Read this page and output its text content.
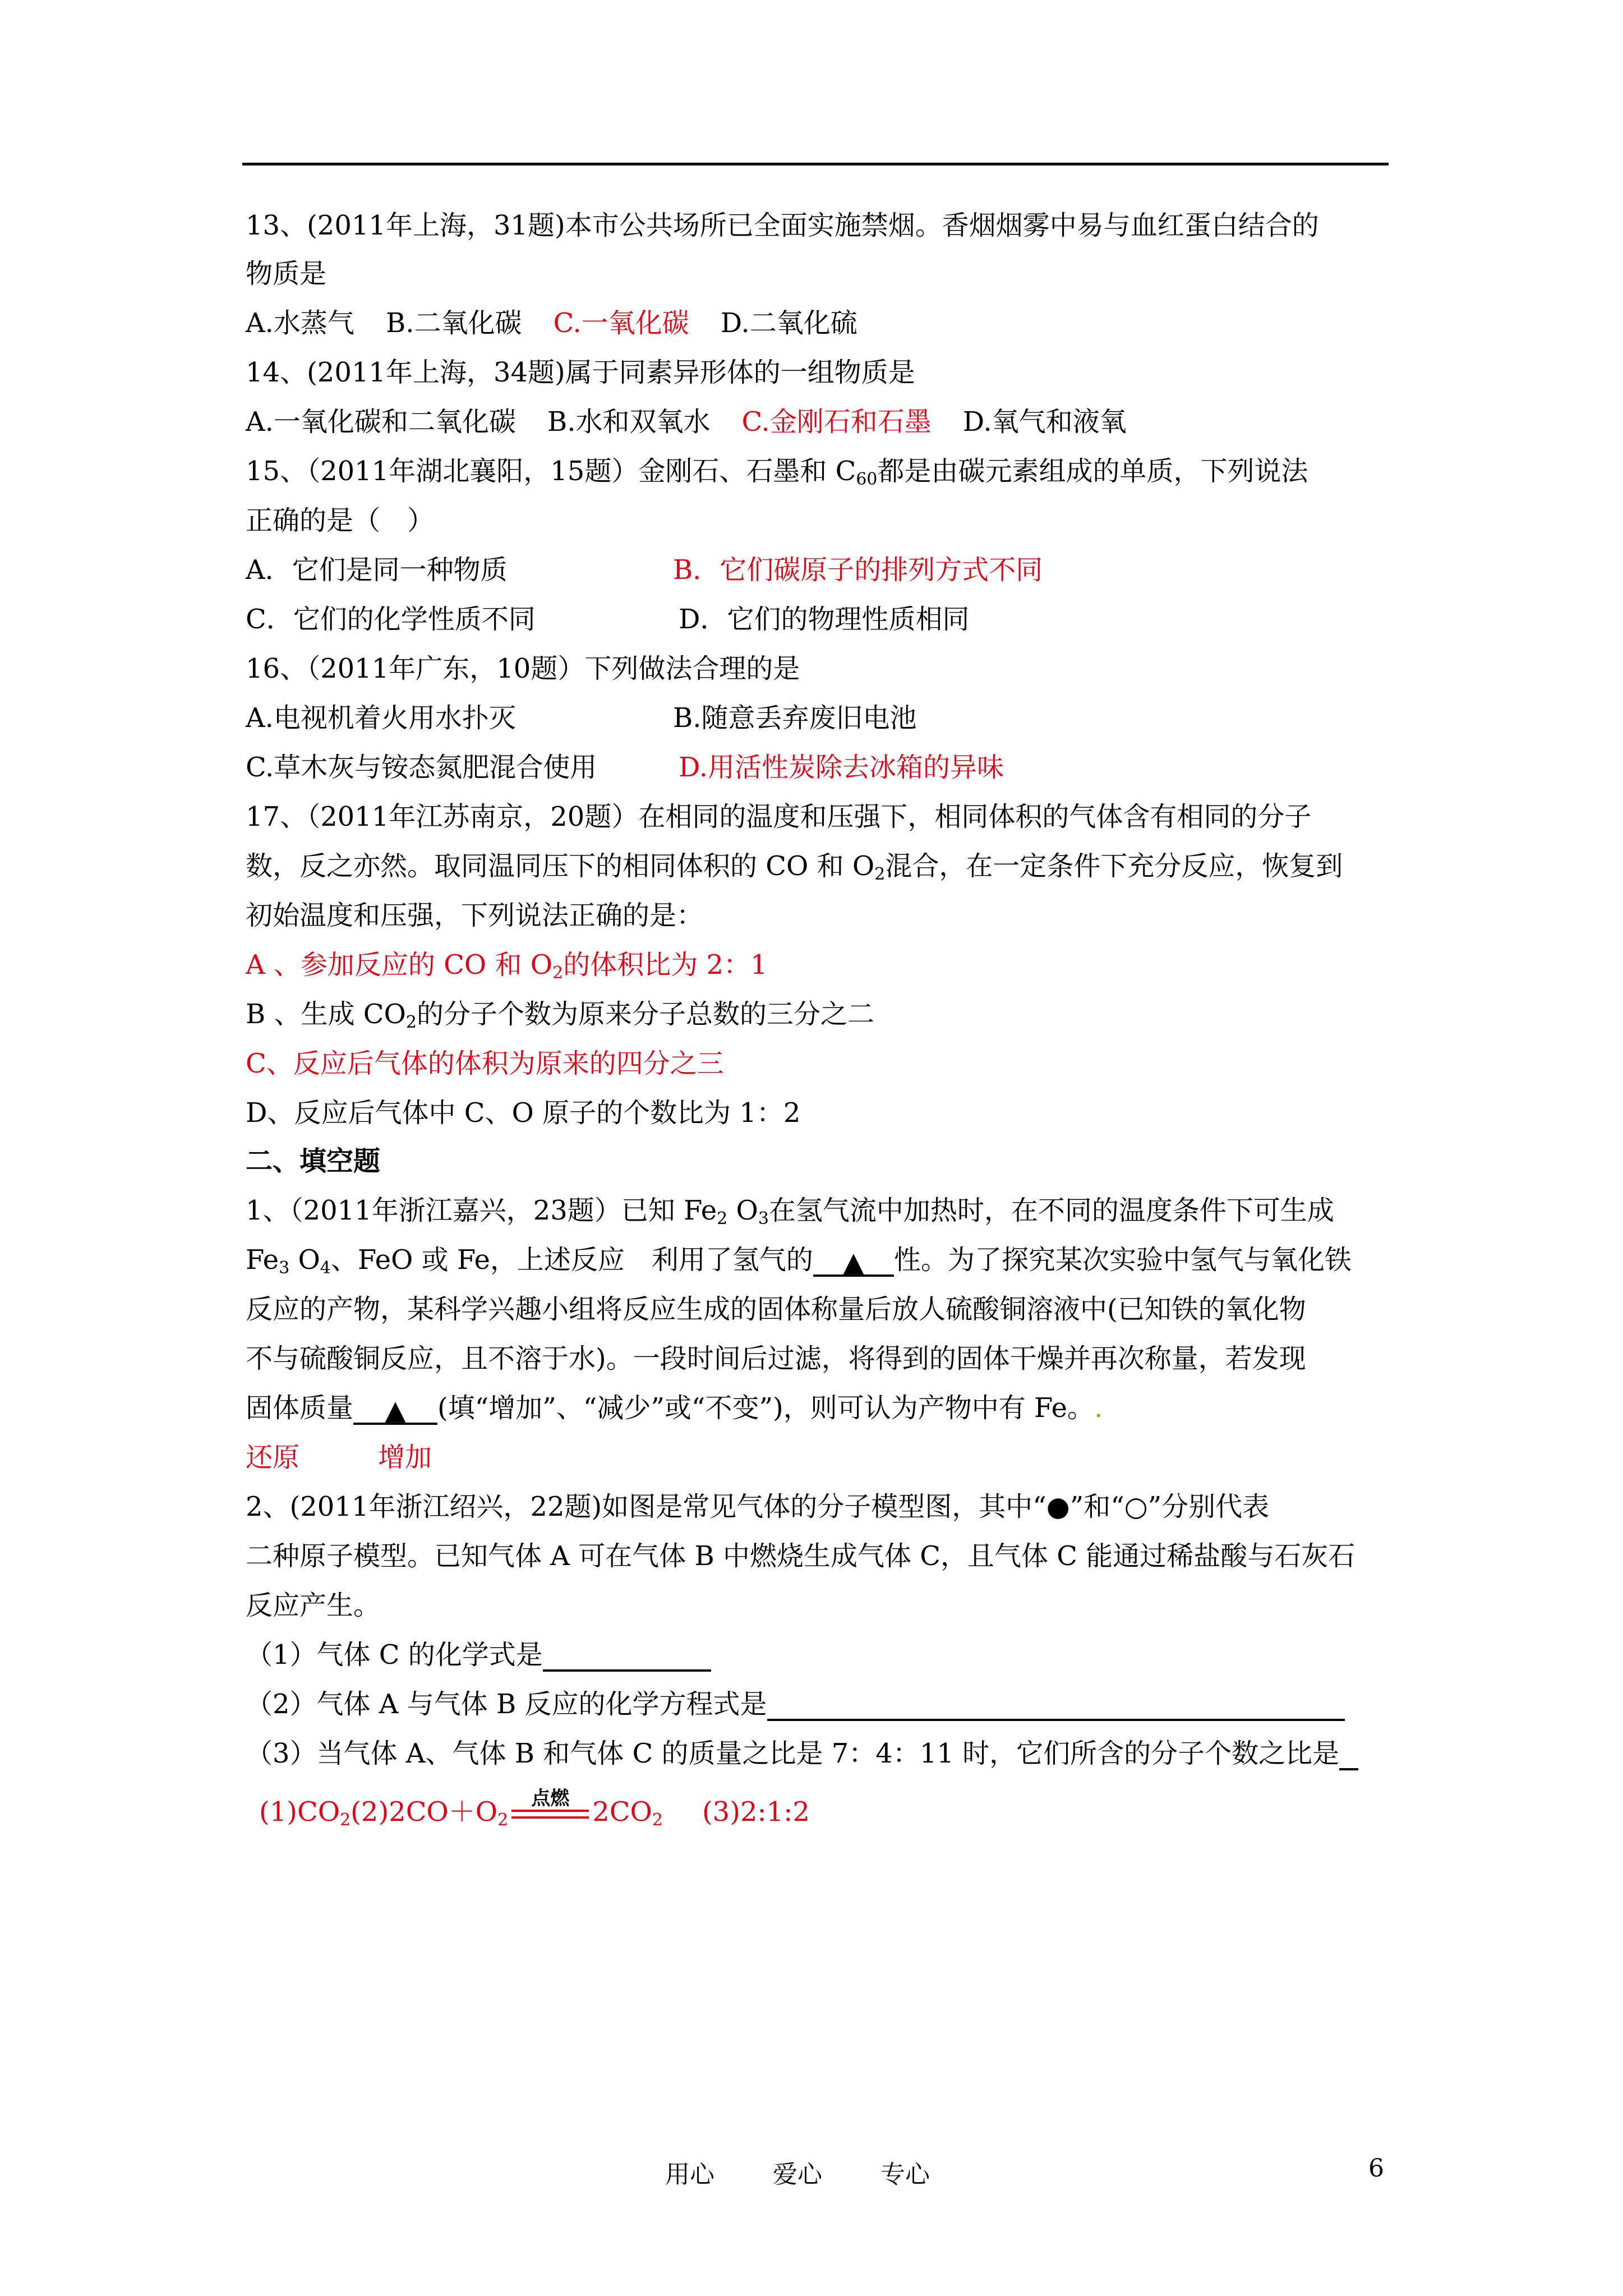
13、(2011年上海，31题)本市公共场所已全面实施禁烟。香烟烟雾中易与血红蛋白结合的
物质是
A.水蒸气 B.二氧化碳 C.一氧化碳 D.二氧化硫
14、(2011年上海，34题)属于同素异形体的一组物质是
A.一氧化碳和二氧化碳 B.水和双氧水 C.金刚石和石墨 D.氧气和液氧
15、（2011年湖北襄阳，15题）金刚石、石墨和 $C_{60}$都是由碳元素组成的单质，下列说法
正确的是（　）
A．它们是同一种物质	B．它们碳原子的排列方式不同
C．它们的化学性质不同	D．它们的物理性质相同
16、（2011年广东，10题）下列做法合理的是
A.电视机着火用水扑灭	B.随意丢弃废旧电池
C.草木灰与铵态氮肥混合使用	D.用活性炭除去冰箱的异味
17、（2011年江苏南京，20题）在相同的温度和压强下，相同体积的气体含有相同的分子
数，反之亦然。取同温同压下的相同体积的 CO 和 $O_2$混合，在一定条件下充分反应，恢复到
初始温度和压强，下列说法正确的是：
A 、参加反应的 CO 和 $O_2$的体积比为 2：1
B 、生成 $CO_2$的分子个数为原来分子总数的三分之二
C、反应后气体的体积为原来的四分之三
D、反应后气体中 C、O 原子的个数比为 1：2
二、填空题
1、（2011年浙江嘉兴，23题）已知 $Fe_2$ $O_3$在氢气流中加热时，在不同的温度条件下可生成
$Fe_3$ $O_4$、FeO 或 Fe，上述反应　利用了氢气的 ▲ 性。为了探究某次实验中氢气与氧化铁
反应的产物，某科学兴趣小组将反应生成的固体称量后放人硫酸铜溶液中(已知铁的氧化物
不与硫酸铜反应，且不溶于水)。一段时间后过滤，将得到的固体干燥并再次称量，若发现
固体质量 ▲ (填“增加”、“减少”或“不变”)，则可认为产物中有 Fe。.
还原	增加
2、(2011年浙江绍兴，22题)如图是常见气体的分子模型图，其中“●”和“○”分别代表
二种原子模型。已知气体 A 可在气体 B 中燃烧生成气体 C，且气体 C 能通过稀盐酸与石灰石
反应产生。
（1）气体 C 的化学式是
（2）气体 A 与气体 B 反应的化学方程式是
（3）当气体 A、气体 B 和气体 C 的质量之比是 7：4：11 时，它们所含的分子个数之比是
$(1)CO_2(2)2CO+O_2$
点燃 $2CO_2$ (3)2:1:2
用心 爱心 专心	6
